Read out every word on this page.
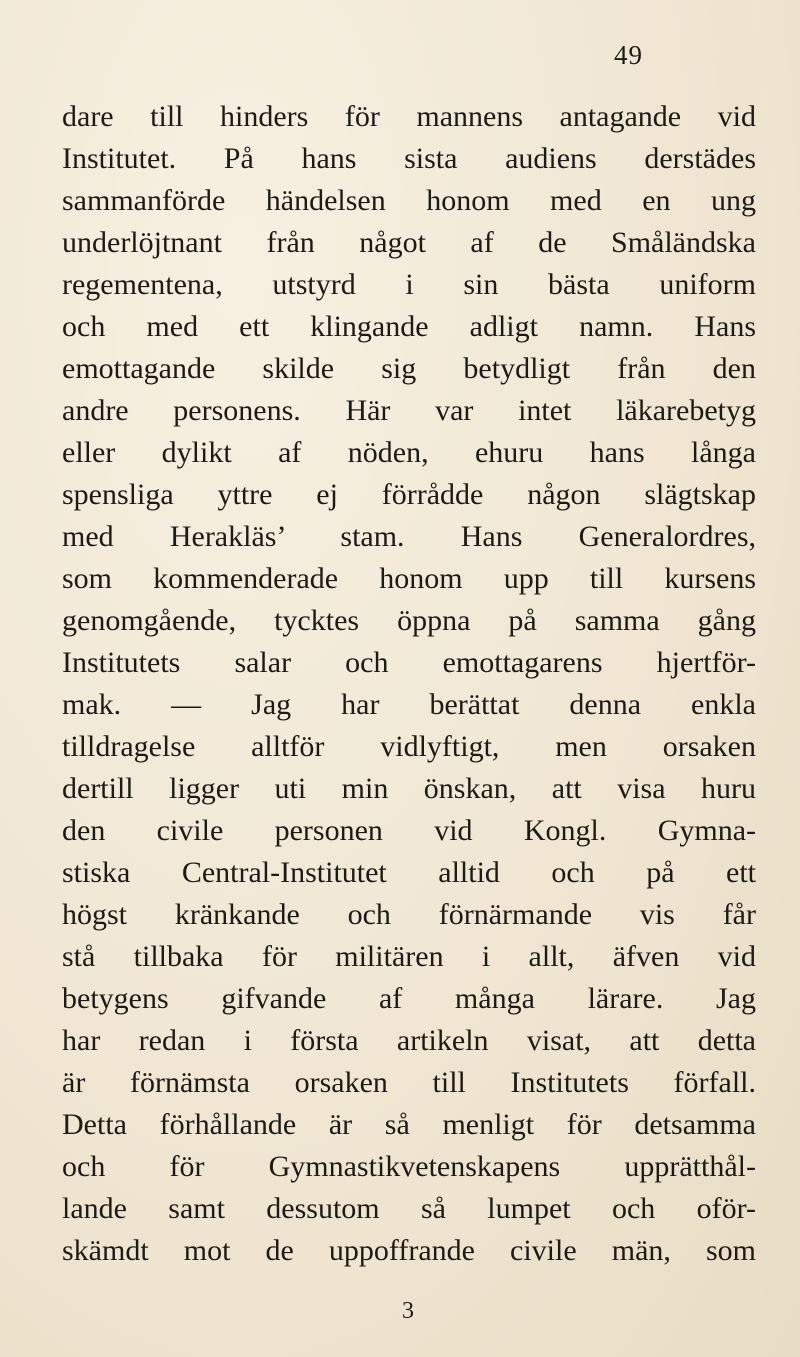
49
dare till hinders för mannens antagande vid
Institutet. På hans sista audiens derstädes
sammanförde händelsen honom med en ung
underlöjtnant från något af de Småländska
regementena, utstyrd i sin bästa uniform
och med ett klingande adligt namn. Hans
emottagande skilde sig betydligt från den
andre personens. Här var intet läkarebetyg
eller dylikt af nöden, ehuru hans långa
spensliga yttre ej förrådde någon slägtskap
med Herakläs’ stam. Hans Generalordres,
som kommenderade honom upp till kursens
genomgående, tycktes öppna på samma gång
Institutets salar och emottagarens hjertför-
mak. — Jag har berättat denna enkla
tilldragelse alltför vidlyftigt, men orsaken
dertill ligger uti min önskan, att visa huru
den civile personen vid Kongl. Gymna-
stiska Central-Institutet alltid och på ett
högst kränkande och förnärmande vis får
stå tillbaka för militären i allt, äfven vid
betygens gifvande af många lärare. Jag
har redan i första artikeln visat, att detta
är förnämsta orsaken till Institutets förfall.
Detta förhållande är så menligt för detsamma
och för Gymnastikvetenskapens upprätthål-
lande samt dessutom så lumpet och oför-
skämdt mot de uppoffrande civile män, som
3
